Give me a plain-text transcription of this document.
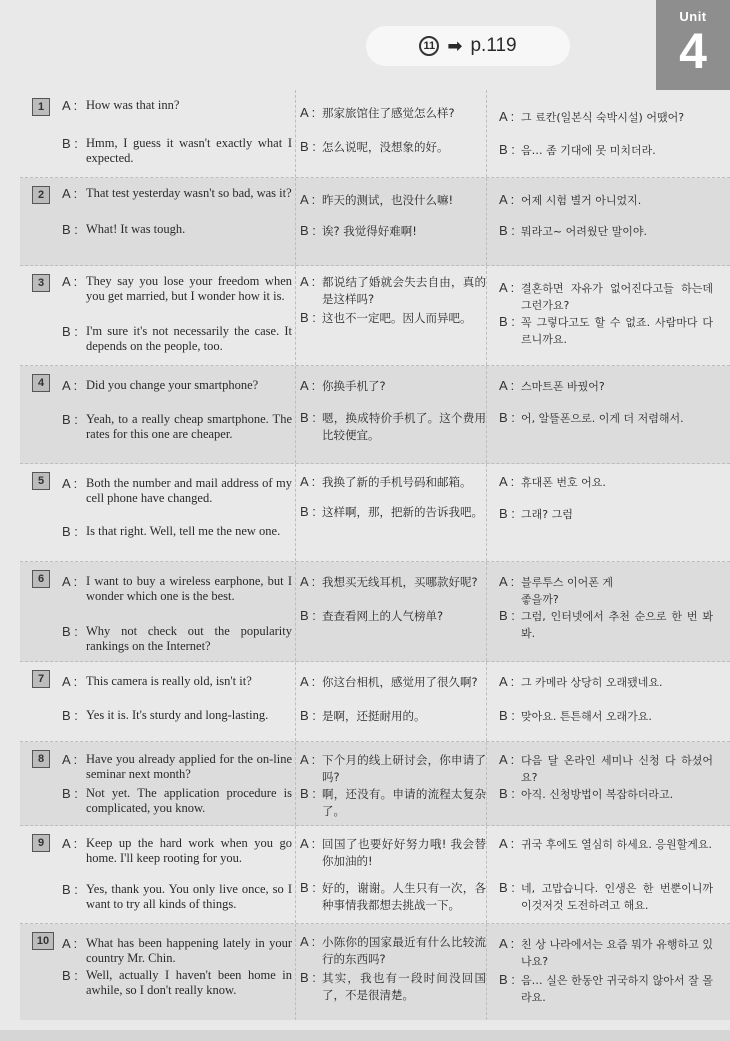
11 ➡ p.119
Unit
4
1	A : How was that inn?
B : Hmm, I guess it wasn't exactly what I expected.
A : 那家旅馆住了感觉怎么样?
B : 怎么说呢，没想象的好。
A : 그 료칸(일본식 숙박시설) 어땠어?
B : 음… 좀 기대에 못 미치더라.
2	A : That test yesterday wasn't so bad, was it?
B : What! It was tough.
A : 昨天的测试，也没什么嘛!
B : 诶? 我觉得好难啊!
A : 어제 시험 별거 아니었지.
B : 뭐라고~ 어려웠단 말이야.
3	A : They say you lose your freedom when you get married, but I wonder how it is.
B : I'm sure it's not necessarily the case. It depends on the people, too.
A : 都说结了婚就会失去自由，真的是这样吗?
B : 这也不一定吧。因人而异吧。
A : 결혼하면 자유가 없어진다고들 하는데 그런가요?
B : 꼭 그렇다고도 할 수 없죠. 사람마다 다르니까요.
4	A : Did you change your smartphone?
B : Yeah, to a really cheap smartphone. The rates for this one are cheaper.
A : 你换手机了?
B : 嗯，换成特价手机了。这个费用比较便宜。
A : 스마트폰 바꿨어?
B : 어, 알뜰폰으로. 이게 더 저렴해서.
5	A : Both the number and mail address of my cell phone have changed.
B : Is that right. Well, tell me the new one.
A : 我换了新的手机号码和邮箱。
B : 这样啊，那，把新的告诉我吧。
A : 휴대폰 번호 어요.
B : 그래? 그럼
6	A : I want to buy a wireless earphone, but I wonder which one is the best.
B : Why not check out the popularity rankings on the Internet?
A : 我想买无线耳机，买哪款好呢?
B : 查查看网上的人气榜单?
A : 블루투스 이어폰 게 좋을까?
B : 그럼, 인터넷에서 추천 순으로 한 번 봐 봐.
7	A : This camera is really old, isn't it?
B : Yes it is. It's sturdy and long-lasting.
A : 你这台相机，感觉用了很久啊?
B : 是啊，还挺耐用的。
A : 그 카메라 상당히 오래됐네요.
B : 맞아요. 튼튼해서 오래가요.
8	A : Have you already applied for the on-line seminar next month?
B : Not yet. The application procedure is complicated, you know.
A : 下个月的线上研讨会，你申请了吗?
B : 啊，还没有。申请的流程太复杂了。
A : 다음 달 온라인 세미나 신청 다 하셨어요?
B : 아직. 신청방법이 복잡하더라고.
9	A : Keep up the hard work when you go home. I'll keep rooting for you.
B : Yes, thank you. You only live once, so I want to try all kinds of things.
A : 回国了也要好好努力哦! 我会替你加油的!
B : 好的，谢谢。人生只有一次，各种事情我都想去挑战一下。
A : 귀국 후에도 열심히 하세요. 응원할게요.
B : 네, 고맙습니다. 인생은 한 번뿐이니까 이것저것 도전하려고 해요.
10 A : What has been happening lately in your country Mr. Chin.
B : Well, actually I haven't been home in awhile, so I don't really know.
A : 小陈你的国家最近有什么比较流行的东西吗?
B : 其实，我也有一段时间没回国了，不是很清楚。
A : 친 상 나라에서는 요즘 뭐가 유행하고 있나요?
B : 음… 실은 한동안 귀국하지 않아서 잘 몰라요.
